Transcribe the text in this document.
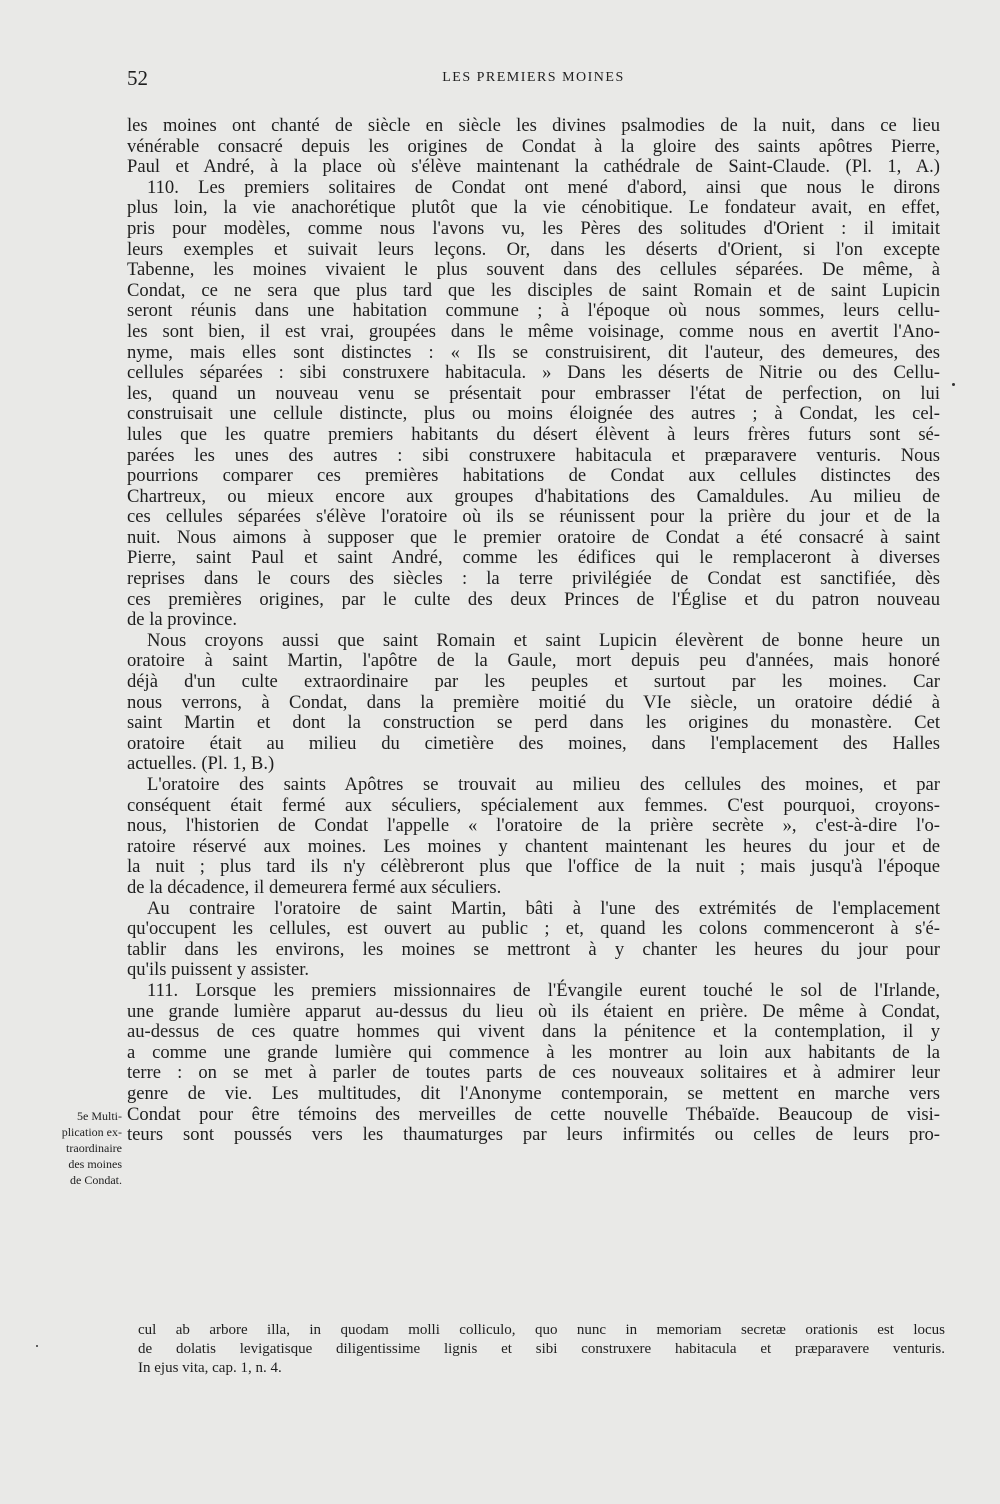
52	LES PREMIERS MOINES
les moines ont chanté de siècle en siècle les divines psalmodies de la nuit, dans ce lieu
vénérable consacré depuis les origines de Condat à la gloire des saints apôtres Pierre,
Paul et André, à la place où s'élève maintenant la cathédrale de Saint-Claude. (Pl. 1, A.)
110. Les premiers solitaires de Condat ont mené d'abord, ainsi que nous le dirons
plus loin, la vie anachorétique plutôt que la vie cénobitique. Le fondateur avait, en effet,
pris pour modèles, comme nous l'avons vu, les Pères des solitudes d'Orient : il imitait
leurs exemples et suivait leurs leçons. Or, dans les déserts d'Orient, si l'on excepte
Tabenne, les moines vivaient le plus souvent dans des cellules séparées. De même, à
Condat, ce ne sera que plus tard que les disciples de saint Romain et de saint Lupicin
seront réunis dans une habitation commune ; à l'époque où nous sommes, leurs cellu-
les sont bien, il est vrai, groupées dans le même voisinage, comme nous en avertit l'Ano-
nyme, mais elles sont distinctes : « Ils se construisirent, dit l'auteur, des demeures, des
cellules séparées : sibi construxere habitacula. » Dans les déserts de Nitrie ou des Cellu-
les, quand un nouveau venu se présentait pour embrasser l'état de perfection, on lui
construisait une cellule distincte, plus ou moins éloignée des autres ; à Condat, les cel-
lules que les quatre premiers habitants du désert élèvent à leurs frères futurs sont sé-
parées les unes des autres : sibi construxere habitacula et præparavere venturis. Nous
pourrions comparer ces premières habitations de Condat aux cellules distinctes des
Chartreux, ou mieux encore aux groupes d'habitations des Camaldules. Au milieu de
ces cellules séparées s'élève l'oratoire où ils se réunissent pour la prière du jour et de la
nuit. Nous aimons à supposer que le premier oratoire de Condat a été consacré à saint
Pierre, saint Paul et saint André, comme les édifices qui le remplaceront à diverses
reprises dans le cours des siècles : la terre privilégiée de Condat est sanctifiée, dès
ces premières origines, par le culte des deux Princes de l'Église et du patron nouveau
de la province.
Nous croyons aussi que saint Romain et saint Lupicin élevèrent de bonne heure un
oratoire à saint Martin, l'apôtre de la Gaule, mort depuis peu d'années, mais honoré
déjà d'un culte extraordinaire par les peuples et surtout par les moines. Car
nous verrons, à Condat, dans la première moitié du VIe siècle, un oratoire dédié à
saint Martin et dont la construction se perd dans les origines du monastère. Cet
oratoire était au milieu du cimetière des moines, dans l'emplacement des Halles
actuelles. (Pl. 1, B.)
L'oratoire des saints Apôtres se trouvait au milieu des cellules des moines, et par
conséquent était fermé aux séculiers, spécialement aux femmes. C'est pourquoi, croyons-
nous, l'historien de Condat l'appelle « l'oratoire de la prière secrète », c'est-à-dire l'o-
ratoire réservé aux moines. Les moines y chantent maintenant les heures du jour et de
la nuit ; plus tard ils n'y célèbreront plus que l'office de la nuit ; mais jusqu'à l'époque
de la décadence, il demeurera fermé aux séculiers.
Au contraire l'oratoire de saint Martin, bâti à l'une des extrémités de l'emplacement
qu'occupent les cellules, est ouvert au public ; et, quand les colons commenceront à s'é-
tablir dans les environs, les moines se mettront à y chanter les heures du jour pour
qu'ils puissent y assister.
111. Lorsque les premiers missionnaires de l'Évangile eurent touché le sol de l'Irlande,
une grande lumière apparut au-dessus du lieu où ils étaient en prière. De même à Condat,
au-dessus de ces quatre hommes qui vivent dans la pénitence et la contemplation, il y
a comme une grande lumière qui commence à les montrer au loin aux habitants de la
terre : on se met à parler de toutes parts de ces nouveaux solitaires et à admirer leur
genre de vie. Les multitudes, dit l'Anonyme contemporain, se mettent en marche vers
Condat pour être témoins des merveilles de cette nouvelle Thébaïde. Beaucoup de visi-
teurs sont poussés vers les thaumaturges par leurs infirmités ou celles de leurs pro-
5e Multi-
plication ex-
traordinaire
des moines
de Condat.
cul ab arbore illa, in quodam molli colliculo, quo nunc in memoriam secretæ orationis est locus
de dolatis levigatisque diligentissime lignis et sibi construxere habitacula et præparavere venturis.
In ejus vita, cap. 1, n. 4.
